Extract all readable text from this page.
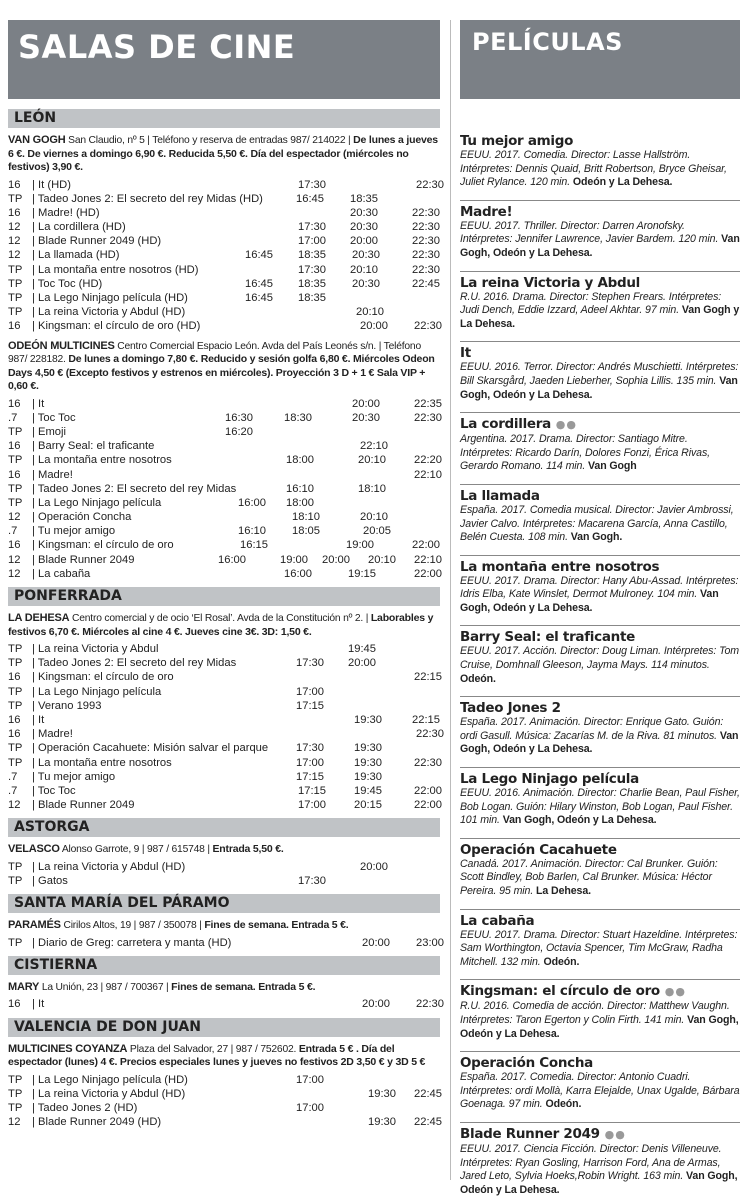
SALAS DE CINE
LEÓN
VAN GOGH San Claudio, nº 5 | Teléfono y reserva de entradas 987/ 214022 | De lunes a jueves 6 €. De viernes a domingo 6,90 €. Reducida 5,50 €. Día del espectador (miércoles no festivos) 3,90 €.
16	| It (HD)	17:30	22:30
TP | Tadeo Jones 2: El secreto del rey Midas (HD)	16:45 18:35
16	| Madre! (HD)	20:30	22:30
12	| La cordillera (HD)	17:30 20:30	22:30
12	| Blade Runner 2049 (HD)	17:00 20:00	22:30
12	| La llamada (HD)	16:45 18:35 20:30	22:30
TP | La montaña entre nosotros (HD)	17:30 20:10	22:30
TP | Toc Toc (HD)	16:45 18:35 20:30	22:45
TP | La Lego Ninjago película (HD)	16:45 18:35
TP | La reina Victoria y Abdul (HD)	20:10
16	| Kingsman: el círculo de oro (HD)	20:00 22:30
ODEÓN MULTICINES Centro Comercial Espacio León. Avda del País Leonés s/n. | Teléfono 987/ 228182. De lunes a domingo 7,80 €. Reducido y sesión golfa 6,80 €. Miércoles Odeon Days 4,50 € (Excepto festivos y estrenos en miércoles). Proyección 3 D + 1 € Sala VIP + 0,60 €.
16	| It	20:00	22:35
.7	| Toc Toc	16:30	18:30	20:30	22:30
TP | Emoji	16:20
16	| Barry Seal: el traficante	22:10
TP | La montaña entre nosotros	18:00	20:10	22:20
16	| Madre!	22:10
TP | Tadeo Jones 2: El secreto del rey Midas	16:10	18:10
TP | La Lego Ninjago película	16:00 18:00
12	| Operación Concha	18:10	20:10
.7	| Tu mejor amigo	16:10 18:05	20:05
16	| Kingsman: el círculo de oro	16:15	19:00	22:00
12	| Blade Runner 2049	16:00	19:00 20:00 20:10 22:10
12	| La cabaña	16:00	19:15	22:00
PONFERRADA
LA DEHESA Centro comercial y de ocio ‘El Rosal’. Avda de la Constitución nº 2. | Laborables y festivos 6,70 €. Miércoles al cine 4 €. Jueves cine 3€. 3D: 1,50 €.
TP | La reina Victoria y Abdul	19:45
TP | Tadeo Jones 2: El secreto del rey Midas	17:30 20:00
16	| Kingsman: el círculo de oro	22:15
TP | La Lego Ninjago película	17:00
TP | Verano 1993	17:15
16	| It	19:30	22:15
16	| Madre!	22:30
TP | Operación Cacahuete: Misión salvar el parque 17:30	19:30
TP | La montaña entre nosotros	17:00	19:30	22:30
.7	| Tu mejor amigo	17:15	19:30
.7	| Toc Toc	17:15	19:45	22:00
12	| Blade Runner 2049	17:00	20:15	22:00
ASTORGA
VELASCO Alonso Garrote, 9 | 987 / 615748 | Entrada 5,50 €.
TP | La reina Victoria y Abdul (HD)	20:00
TP | Gatos	17:30
SANTA MARÍA DEL PÁRAMO
PARAMÉS Cirilos Altos, 19 | 987 / 350078 | Fines de semana. Entrada 5 €.
TP | Diario de Greg: carretera y manta (HD)	20:00 23:00
CISTIERNA
MARY La Unión, 23 | 987 / 700367 | Fines de semana. Entrada 5 €.
16	| It	20:00 22:30
VALENCIA DE DON JUAN
MULTICINES COYANZA Plaza del Salvador, 27 | 987 / 752602. Entrada 5 € . Día del espectador (lunes) 4 €. Precios especiales lunes y jueves no festivos 2D 3,50 € y 3D 5 €
TP | La Lego Ninjago película (HD)	17:00
TP | La reina Victoria y Abdul (HD)	19:30 22:45
TP | Tadeo Jones 2 (HD)	17:00
12	| Blade Runner 2049 (HD)	19:30 22:45
PELÍCULAS
Tu mejor amigo
EEUU. 2017. Comedia. Director: Lasse Hallström. Intérpretes: Dennis Quaid, Britt Robertson, Bryce Gheisar, Juliet Rylance. 120 min. Odeón y La Dehesa.
Madre!
EEUU. 2017. Thriller. Director: Darren Aronofsky. Intérpretes: Jennifer Lawrence, Javier Bardem. 120 min. Van Gogh, Odeón y La Dehesa.
La reina Victoria y Abdul
R.U. 2016. Drama. Director: Stephen Frears. Intérpretes: Judi Dench, Eddie Izzard, Adeel Akhtar. 97 min. Van Gogh y La Dehesa.
It
EEUU. 2016. Terror. Director: Andrés Muschietti. Intérpretes: Bill Skarsgård, Jaeden Lieberher, Sophia Lillis. 135 min. Van Gogh, Odeón y La Dehesa.
La cordillera ●●
Argentina. 2017. Drama. Director: Santiago Mitre. Intérpretes: Ricardo Darín, Dolores Fonzi, Érica Rivas, Gerardo Romano. 114 min. Van Gogh
La llamada
España. 2017. Comedia musical. Director: Javier Ambrossi, Javier Calvo. Intérpretes: Macarena García, Anna Castillo, Belén Cuesta. 108 min. Van Gogh.
La montaña entre nosotros
EEUU. 2017. Drama. Director: Hany Abu-Assad. Intérpretes: Idris Elba, Kate Winslet, Dermot Mulroney. 104 min. Van Gogh, Odeón y La Dehesa.
Barry Seal: el traficante
EEUU. 2017. Acción. Director: Doug Liman. Intérpretes: Tom Cruise, Domhnall Gleeson, Jayma Mays. 114 minutos. Odeón.
Tadeo Jones 2
España. 2017. Animación. Director: Enrique Gato. Guión: ordi Gasull. Música: Zacarías M. de la Riva. 81 minutos. Van Gogh, Odeón y La Dehesa.
La Lego Ninjago película
EEUU. 2016. Animación. Director: Charlie Bean, Paul Fisher, Bob Logan. Guión: Hilary Winston, Bob Logan, Paul Fisher. 101 min. Van Gogh, Odeón y La Dehesa.
Operación Cacahuete
Canadá. 2017. Animación. Director: Cal Brunker. Guión: Scott Bindley, Bob Barlen, Cal Brunker. Música: Héctor Pereira. 95 min. La Dehesa.
La cabaña
EEUU. 2017. Drama. Director: Stuart Hazeldine. Intérpretes: Sam Worthington, Octavia Spencer, Tim McGraw, Radha Mitchell. 132 min. Odeón.
Kingsman: el círculo de oro ●●
R.U. 2016. Comedia de acción. Director: Matthew Vaughn. Intérpretes: Taron Egerton y Colin Firth. 141 min. Van Gogh, Odeón y La Dehesa.
Operación Concha
España. 2017. Comedia. Director: Antonio Cuadri. Intérpretes: ordi Mollà, Karra Elejalde, Unax Ugalde, Bárbara Goenaga. 97 min. Odeón.
Blade Runner 2049 ●●
EEUU. 2017. Ciencia Ficción. Director: Denis Villeneuve. Intérpretes: Ryan Gosling, Harrison Ford, Ana de Armas, Jared Leto, Sylvia Hoeks,Robin Wright. 163 min. Van Gogh, Odeón y La Dehesa.
